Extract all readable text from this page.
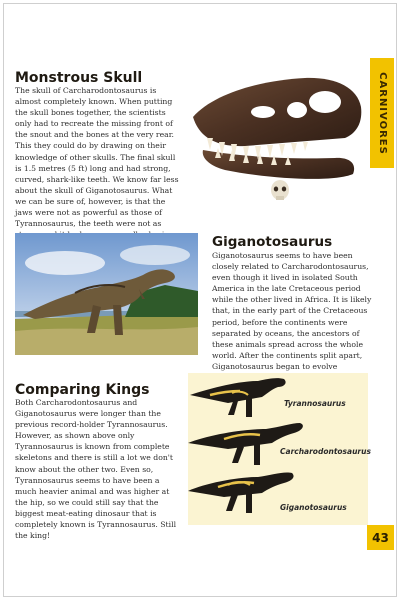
CARNIVORES
Monstrous Skull
The skull of Carcharodontosaurus is almost completely known. When putting the skull bones together, the scientists only had to recreate the missing front of the snout and the bones at the very rear. This they could do by drawing on their knowledge of other skulls. The final skull is 1.5 metres (5 ft) long and had strong, curved, shark-like teeth. We know far less about the skull of Giganotosaurus. What we can be sure of, however, is that the jaws were not as powerful as those of Tyrannosaurus, the teeth were not as
Giganotosaurus
Giganotosaurus seems to have been closely related to Carcharodontosaurus, even though it lived in isolated South America in the late Cretaceous period while the other lived in Africa. It is likely that, in the early part of the Cretaceous period, before the continents were separated by oceans, the ancestors of these animals spread across the whole world. After the continents split apart, Giganotosaurus began to evolve
Comparing Kings
Both Carcharodontosaurus and Giganotosaurus were longer than the previous record-holder Tyrannosaurus. However, as shown above only Tyrannosaurus is known from complete skeletons and there is still a lot we don't know about the other two. Even so, Tyrannosaurus seems to have been a much heavier animal and was higher at the hip, so we could still say that the biggest meat-eating dinosaur that is completely known is Tyrannosaurus. Still the king!
Tyrannosaurus
Carcharodontosaurus
Giganotosaurus
43
